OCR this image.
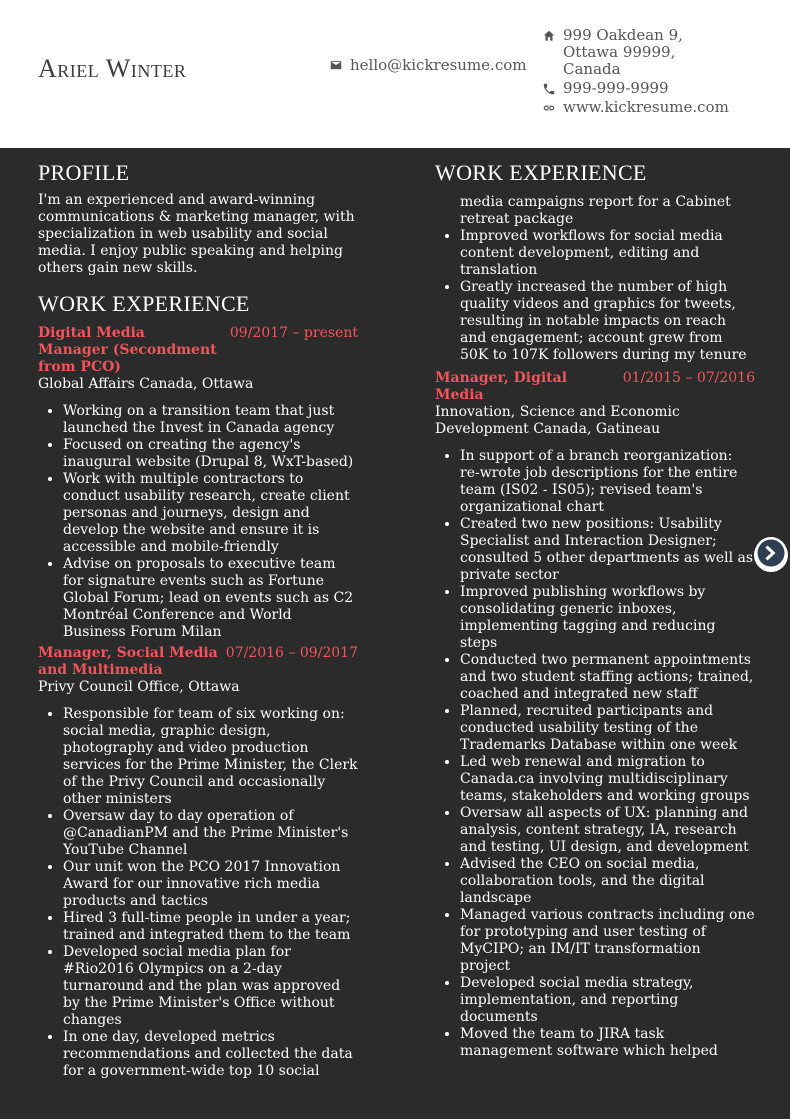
Ariel Winter	hello@kickresume.com
999 Oakdean 9, Ottawa 99999, Canada
999-999-9999
www.kickresume.com
PROFILE
I'm an experienced and award-winning communications & marketing manager, with specialization in web usability and social media. I enjoy public speaking and helping others gain new skills.
WORK EXPERIENCE
Digital Media Manager (Secondment from PCO)
09/2017 – present
Global Affairs Canada, Ottawa
• Working on a transition team that just launched the Invest in Canada agency
• Focused on creating the agency's inaugural website (Drupal 8, WxT-based)
• Work with multiple contractors to conduct usability research, create client personas and journeys, design and develop the website and ensure it is accessible and mobile-friendly
• Advise on proposals to executive team for signature events such as Fortune Global Forum; lead on events such as C2 Montréal Conference and World Business Forum Milan
Manager, Social Media and Multimedia
07/2016 – 09/2017
Privy Council Office, Ottawa
• Responsible for team of six working on: social media, graphic design, photography and video production services for the Prime Minister, the Clerk of the Privy Council and occasionally other ministers
• Oversaw day to day operation of @CanadianPM and the Prime Minister's YouTube Channel
• Our unit won the PCO 2017 Innovation Award for our innovative rich media products and tactics
• Hired 3 full-time people in under a year; trained and integrated them to the team
• Developed social media plan for #Rio2016 Olympics on a 2-day turnaround and the plan was approved by the Prime Minister's Office without changes
• In one day, developed metrics recommendations and collected the data for a government-wide top 10 social
WORK EXPERIENCE
media campaigns report for a Cabinet retreat package
• Improved workflows for social media content development, editing and translation
• Greatly increased the number of high quality videos and graphics for tweets, resulting in notable impacts on reach and engagement; account grew from 50K to 107K followers during my tenure
Manager, Digital Media
01/2015 – 07/2016
Innovation, Science and Economic Development Canada, Gatineau
• In support of a branch reorganization: re-wrote job descriptions for the entire team (IS02 - IS05); revised team's organizational chart
• Created two new positions: Usability Specialist and Interaction Designer; consulted 5 other departments as well as private sector
• Improved publishing workflows by consolidating generic inboxes, implementing tagging and reducing steps
• Conducted two permanent appointments and two student staffing actions; trained, coached and integrated new staff
• Planned, recruited participants and conducted usability testing of the Trademarks Database within one week
• Led web renewal and migration to Canada.ca involving multidisciplinary teams, stakeholders and working groups
• Oversaw all aspects of UX: planning and analysis, content strategy, IA, research and testing, UI design, and development
• Advised the CEO on social media, collaboration tools, and the digital landscape
• Managed various contracts including one for prototyping and user testing of MyCIPO; an IM/IT transformation project
• Developed social media strategy, implementation, and reporting documents
• Moved the team to JIRA task management software which helped
